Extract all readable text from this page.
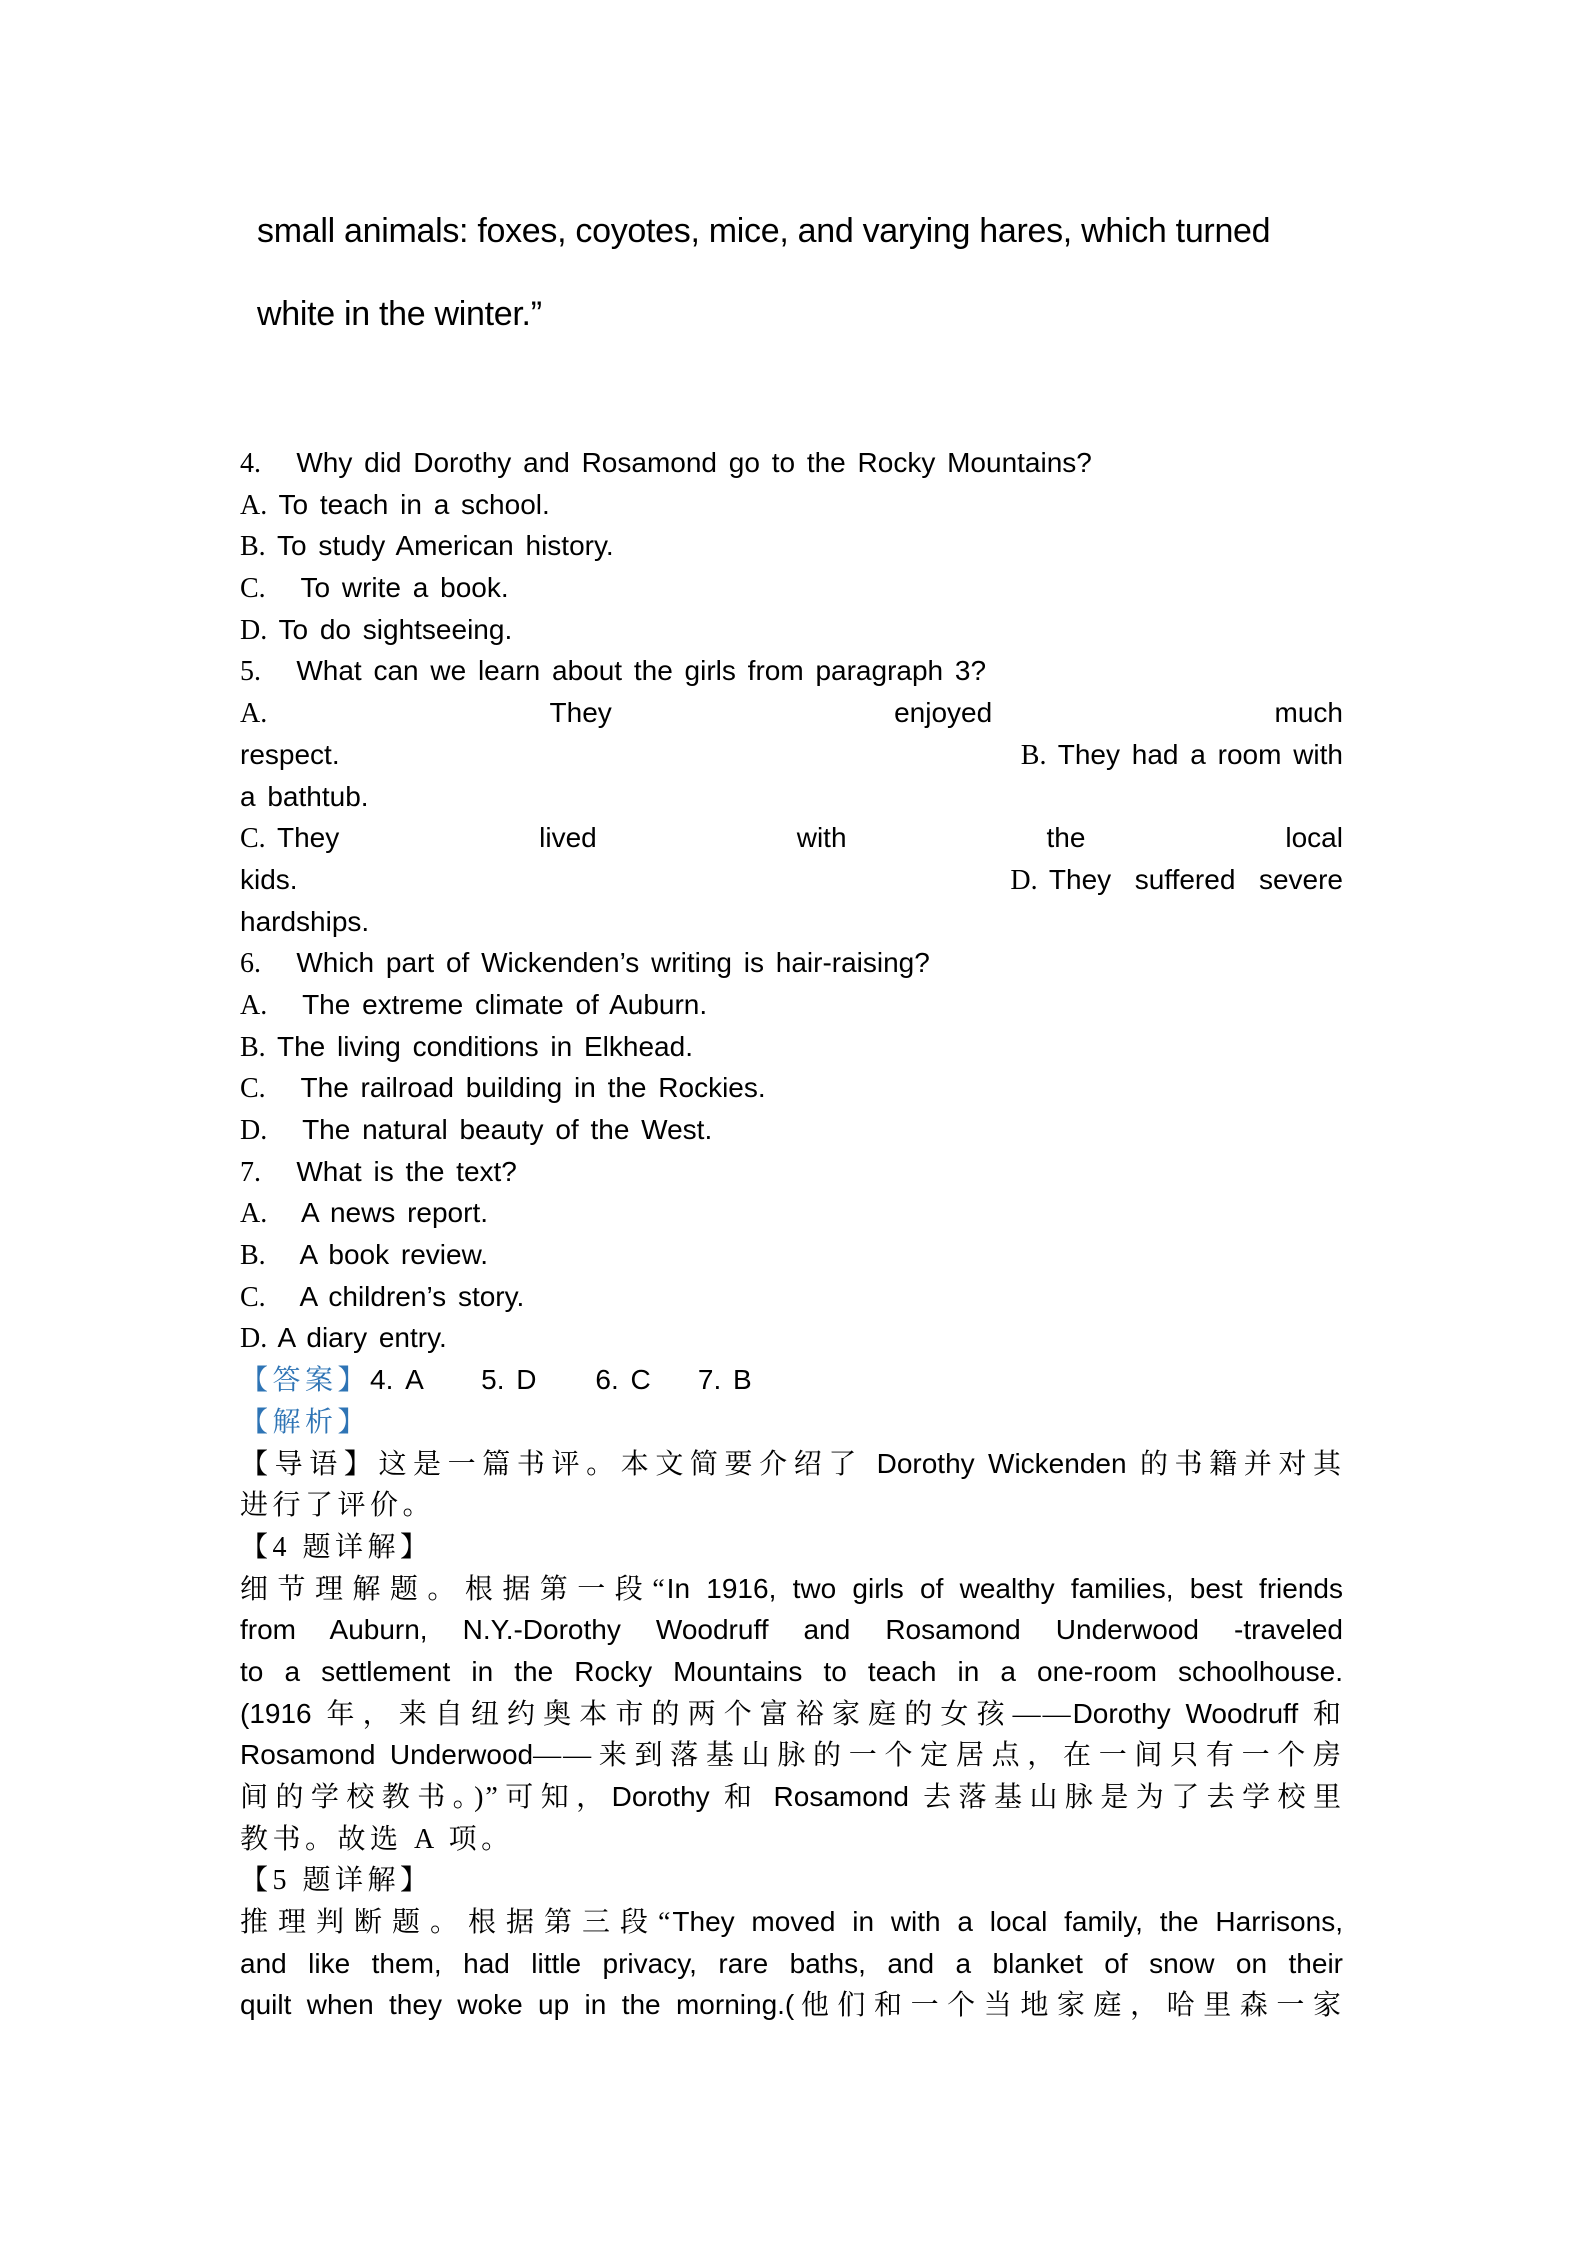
small animals: foxes, coyotes, mice, and varying hares, which turned
white in the winter.”
4.   Why did Dorothy and Rosamond go to the Rocky Mountains?
A. To teach in a school.
B. To study American history.
C.   To write a book.
D. To do sightseeing.
5.   What can we learn about the girls from paragraph 3?
A.	They	enjoyed	much
respect.	B. They had a room with
a bathtub.
C. They	lived	with	the	local
kids.	D. They  suffered  severe
hardships.
6.   Which part of Wickenden’s writing is hair-raising?
A.   The extreme climate of Auburn.
B. The living conditions in Elkhead.
C.   The railroad building in the Rockies.
D.   The natural beauty of the West.
7.   What is the text?
A.   A news report.
B.   A book review.
C.   A children’s story.
D. A diary entry.
【答案】4. A     5. D     6. C    7. B
【解析】
【导语】这是一篇书评。本文简要介绍了 Dorothy Wickenden 的书籍并对其
进行了评价。
【4 题详解】
细节理解题。根据第一段“In 1916, two girls of wealthy families, best friends
from Auburn, N.Y.-Dorothy Woodruff and Rosamond Underwood -traveled
to a settlement in the Rocky Mountains to teach in a one-room schoolhouse.
(1916 年，来自纽约奥本市的两个富裕家庭的女孩——Dorothy Woodruff 和
Rosamond Underwood——来到落基山脉的一个定居点，在一间只有一个房
间的学校教书。)”可知，Dorothy 和 Rosamond 去落基山脉是为了去学校里
教书。故选 A 项。
【5 题详解】
推理判断题。根据第三段“They moved in with a local family, the Harrisons,
and like them, had little privacy, rare baths, and a blanket of snow on their
quilt when they woke up in the morning.(他们和一个当地家庭，哈里森一家
